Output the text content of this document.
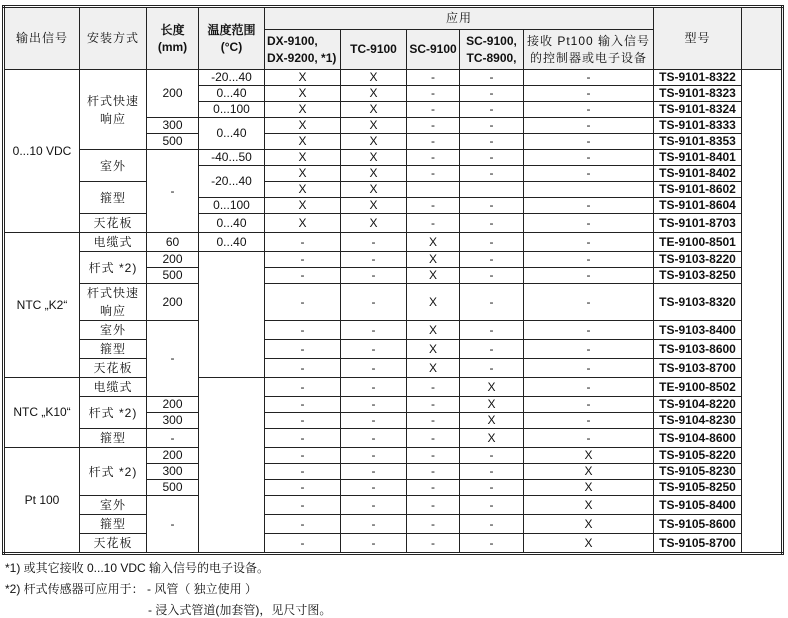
输出信号	安装方式	长度 (mm)	温度范围 (°C)	应用					型号	
				DX-9100, DX-9200, *1)	TC-9100	SC-9100	SC-9100, TC-8900,	接收 Pt100 输入信号的控制器或电子设备		
0...10 VDC	杆式快速响应	200	-20...40	X	X	-	-	-	TS-9101-8322	
			0...40	X	X	-	-	-	TS-9101-8323	
			0...100	X	X	-	-	-	TS-9101-8324	
		300	0...40	X	X	-	-	-	TS-9101-8333	
		500		X	X	-	-	-	TS-9101-8353	
	室外	-	-40...50	X	X	-	-	-	TS-9101-8401	
			-20...40	X	X	-	-	-	TS-9101-8402	
	箍型			X	X				TS-9101-8602	
			0...100	X	X	-	-	-	TS-9101-8604	
	天花板		0...40	X	X	-	-	-	TS-9101-8703	
NTC „K2“	电缆式	60	0...40	-	-	X	-	-	TE-9100-8501	
	杆式 *2)	200		-	-	X	-	-	TS-9103-8220	
		500		-	-	X	-	-	TS-9103-8250	
	杆式快速响应	200		-	-	X	-	-	TS-9103-8320	
	室外	-		-	-	X	-	-	TS-9103-8400	
	箍型			-	-	X	-	-	TS-9103-8600	
	天花板			-	-	X	-	-	TS-9103-8700	
NTC „K10“	电缆式			-	-	-	X	-	TE-9100-8502	
	杆式 *2)	200		-	-	-	X	-	TS-9104-8220	
		300		-	-	-	X	-	TS-9104-8230	
	箍型	-		-	-	-	X	-	TS-9104-8600	
Pt 100	杆式 *2)	200		-	-	-	-	X	TS-9105-8220	
		300		-	-	-	-	X	TS-9105-8230	
		500		-	-	-	-	X	TS-9105-8250	
	室外	-		-	-	-	-	X	TS-9105-8400	
	箍型			-	-	-	-	X	TS-9105-8600	
	天花板			-	-	-	-	X	TS-9105-8700	
*1) 或其它接收 0...10 VDC 输入信号的电子设备。
*2) 杆式传感器可应用于： - 风管（ 独立使用 ）
- 浸入式管道(加套管)，见尺寸图。
